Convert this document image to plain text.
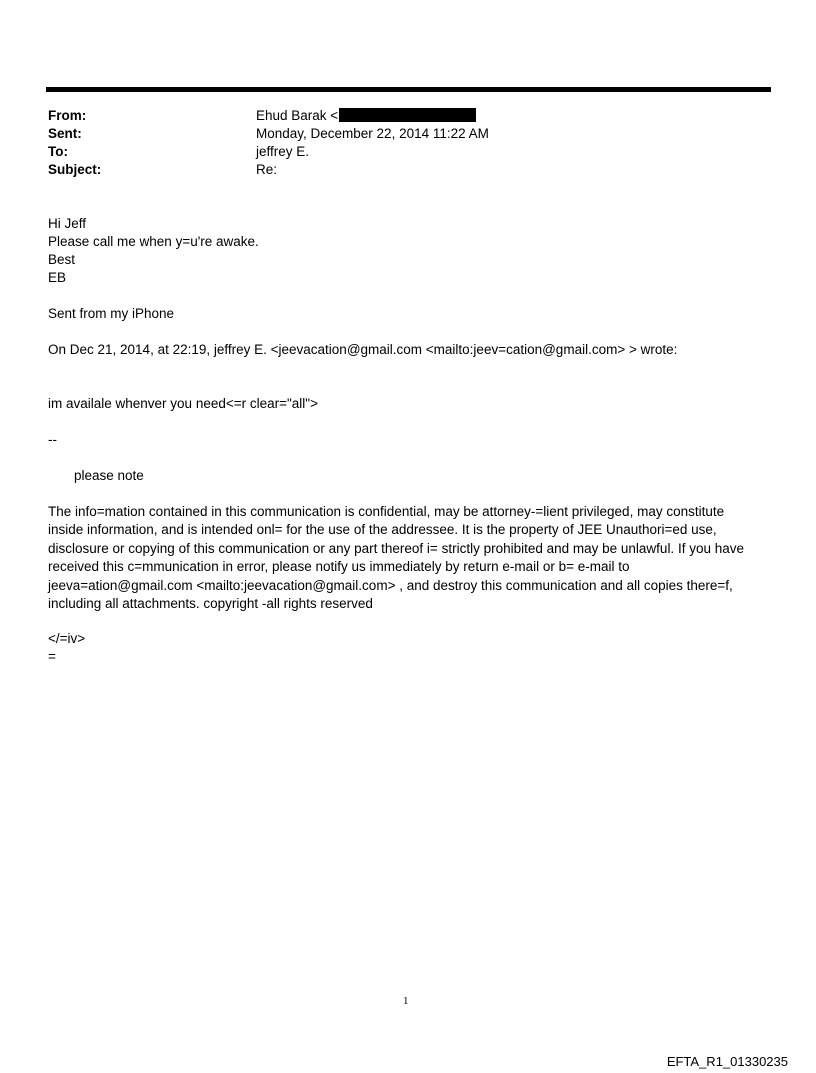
From:	Ehud Barak <
Sent:	Monday, December 22, 2014 11:22 AM
To:	jeffrey E.
Subject:	Re:
Hi Jeff
Please call me when y=u're awake.
Best
EB
Sent from my iPhone
On Dec 21, 2014, at 22:19, jeffrey E. <jeevacation@gmail.com <mailto:jeev=cation@gmail.com> > wrote:
im availale whenver you need<=r clear="all">
--
please note
The info=mation contained in this communication is confidential, may be attorney-=lient privileged, may constitute
inside information, and is intended onl= for the use of the addressee. It is the property of JEE Unauthori=ed use,
disclosure or copying of this communication or any part thereof i= strictly prohibited and may be unlawful. If you have
received this c=mmunication in error, please notify us immediately by return e-mail or b= e-mail to
jeeva=ation@gmail.com <mailto:jeevacation@gmail.com> , and destroy this communication and all copies there=f,
including all attachments. copyright -all rights reserved
</=iv>
=
1
EFTA_R1_01330235
